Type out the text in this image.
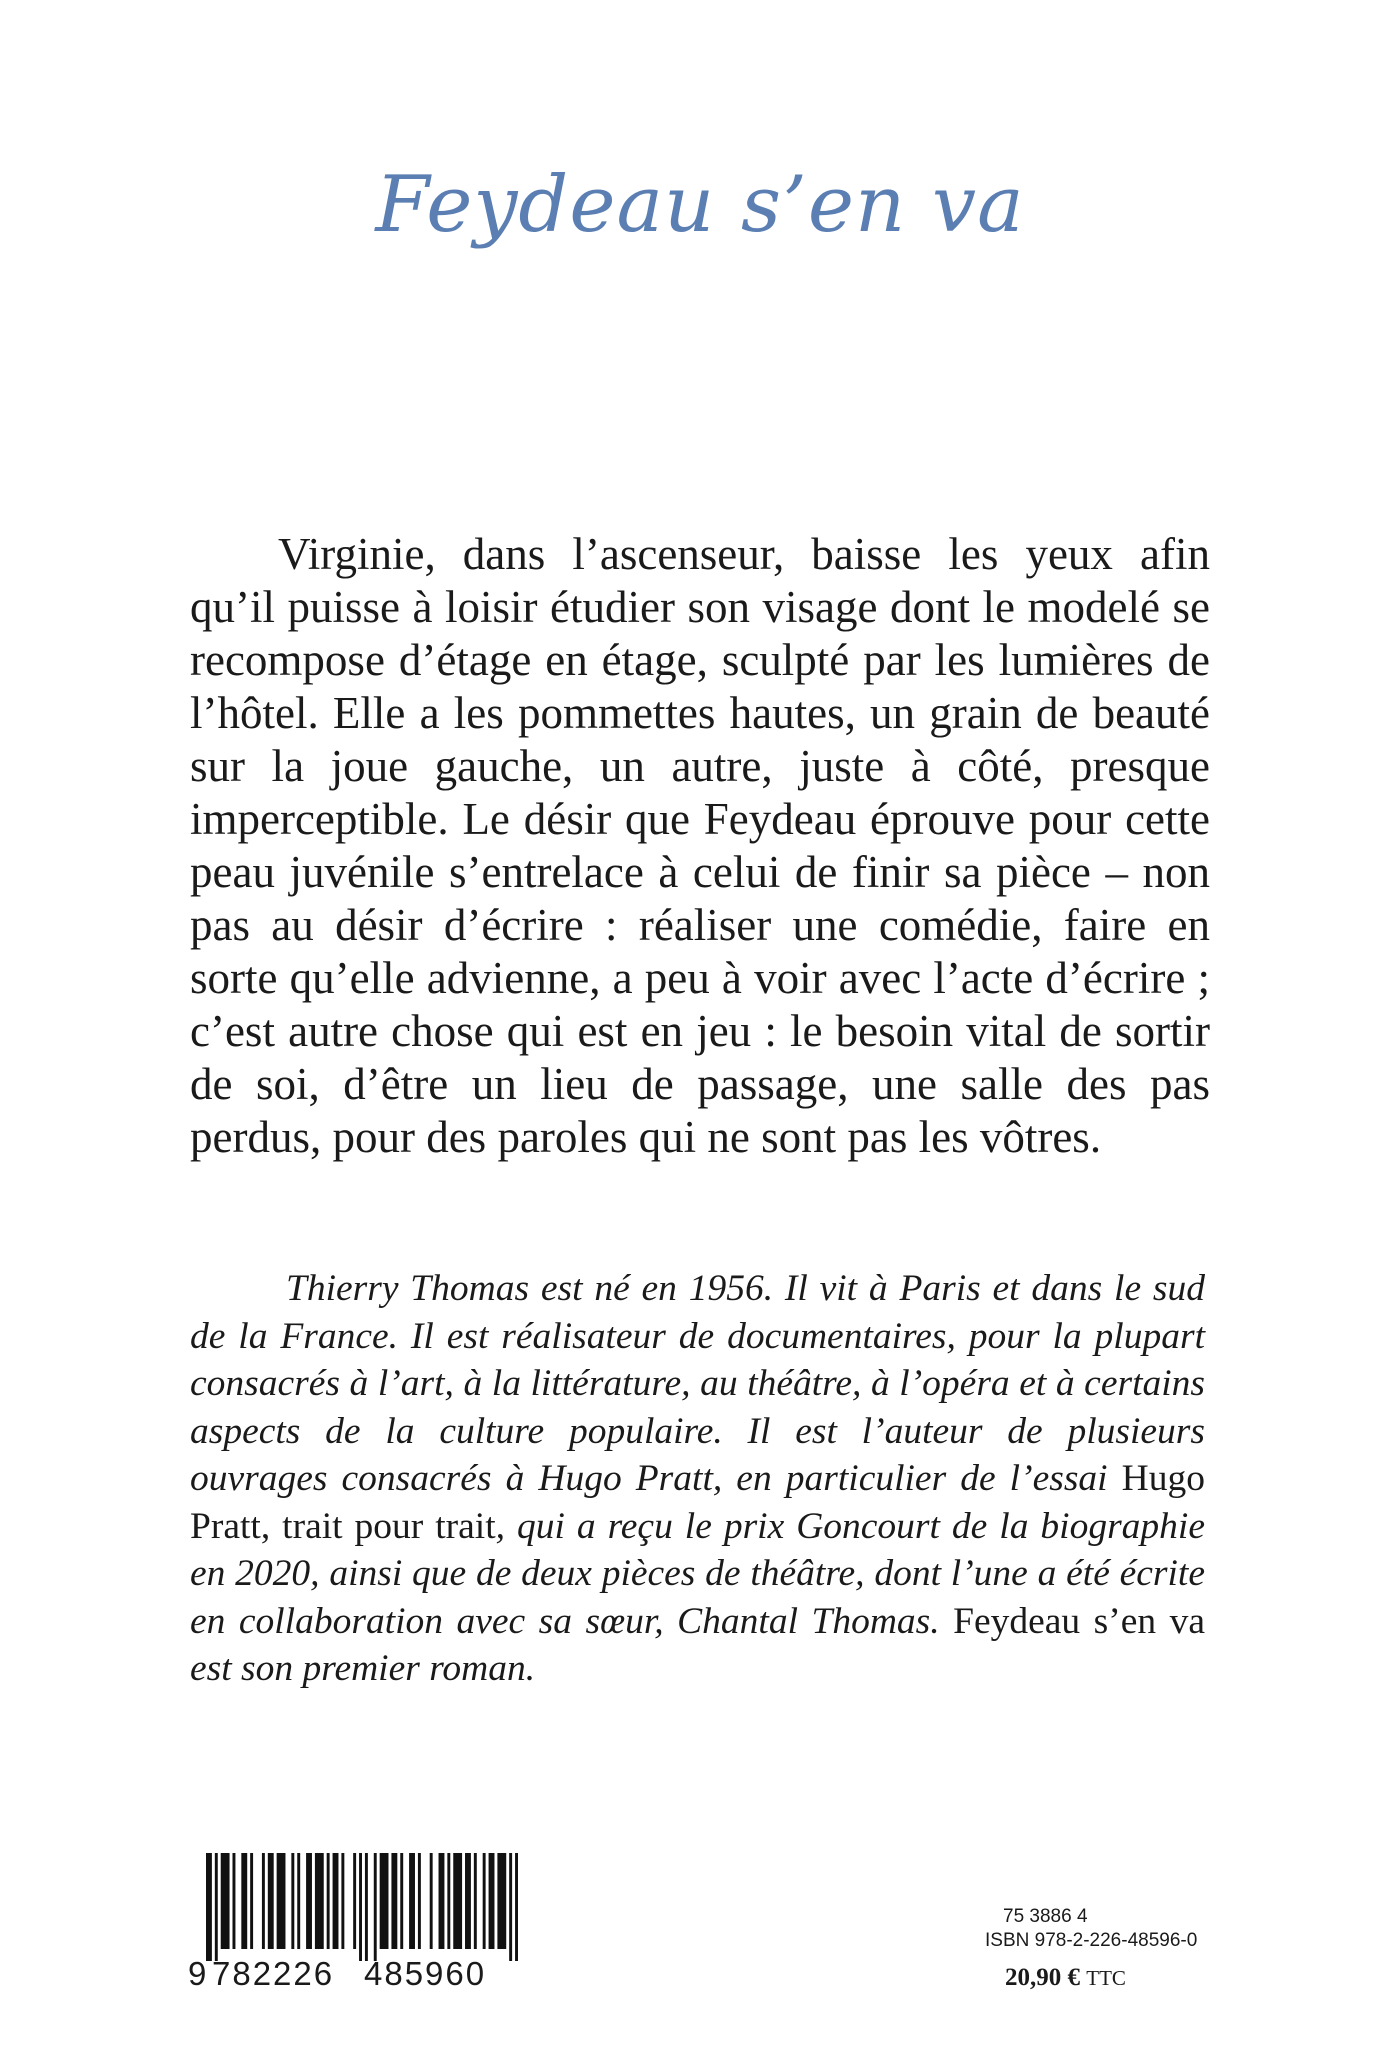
Feydeau s’en va

Virginie, dans l’ascenseur, baisse les yeux afin qu’il puisse à loisir étudier son visage dont le modelé se recompose d’étage en étage, sculpté par les lumières de l’hôtel. Elle a les pommettes hautes, un grain de beauté sur la joue gauche, un autre, juste à côté, presque imperceptible. Le désir que Feydeau éprouve pour cette peau juvénile s’entrelace à celui de finir sa pièce – non pas au désir d’écrire : réaliser une comédie, faire en sorte qu’elle advienne, a peu à voir avec l’acte d’écrire ; c’est autre chose qui est en jeu : le besoin vital de sortir de soi, d’être un lieu de passage, une salle des pas perdus, pour des paroles qui ne sont pas les vôtres.

Thierry Thomas est né en 1956. Il vit à Paris et dans le sud de la France. Il est réalisateur de documentaires, pour la plupart consacrés à l’art, à la littérature, au théâtre, à l’opéra et à certains aspects de la culture populaire. Il est l’auteur de plusieurs ouvrages consacrés à Hugo Pratt, en particulier de l’essai Hugo Pratt, trait pour trait, qui a reçu le prix Goncourt de la biographie en 2020, ainsi que de deux pièces de théâtre, dont l’une a été écrite en collaboration avec sa sœur, Chantal Thomas. Feydeau s’en va est son premier roman.

9 782226 485960
75 3886 4
ISBN 978-2-226-48596-0
20,90 € TTC
